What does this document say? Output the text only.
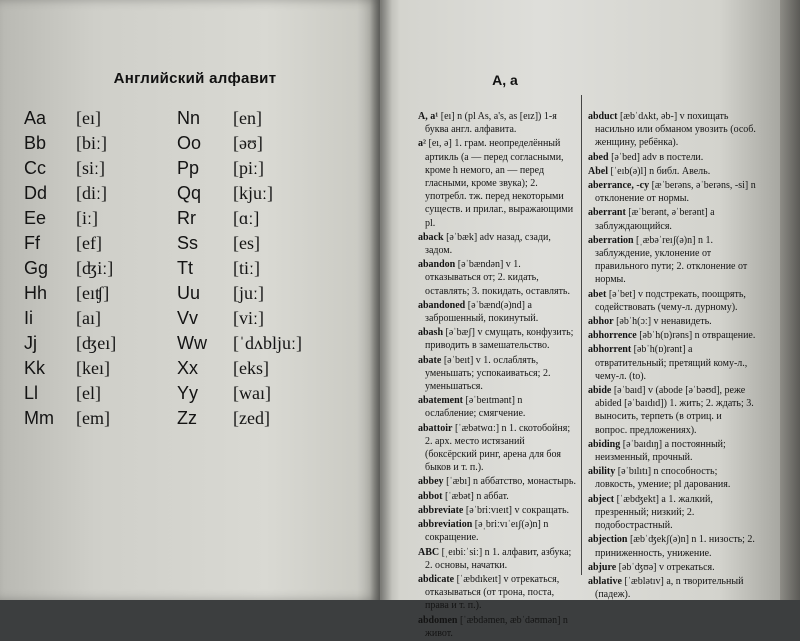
Английский алфавит
Aa	[eı]
Bb	[biː]
Cc	[siː]
Dd	[diː]
Ee	[iː]
Ff	[ef]
Gg	[ʤiː]
Hh	[eıʧ]
Ii	[aı]
Jj	[ʤeı]
Kk	[keı]
Ll	[el]
Mm	[em]
Nn	[en]
Oo	[əʊ]
Pp	[piː]
Qq	[kjuː]
Rr	[ɑː]
Ss	[es]
Tt	[tiː]
Uu	[juː]
Vv	[viː]
Ww	[ˈdʌbljuː]
Xx	[eks]
Yy	[waı]
Zz	[zed]
A, a
A, a¹ [eı] n (pl As, a's, as [eız]) 1-я буква англ. алфавита.
a² [eı, ə] 1. грам. неопределённый артикль (a — перед согласными, кроме h немого, an — перед гласными, кроме звука); 2. употребл. тж. перед некоторыми существ. и прилаг., выражающими pl.
aback [əˈbæk] adv назад, сзади, задом.
abandon [əˈbændən] v 1. отказываться от; 2. кидать, оставлять; 3. покидать, оставлять.
abandoned [əˈbænd(ə)nd] a заброшенный, покинутый.
abash [əˈbæʃ] v смущать, конфузить; приводить в замешательство.
abate [əˈbeıt] v 1. ослаблять, уменьшать; успокаиваться; 2. уменьшаться.
abatement [əˈbeıtmənt] n ослабление; смягчение.
abattoir [ˈæbətwɑː] n 1. скотобойня; 2. арх. место истязаний (боксёрский ринг, арена для боя быков и т. п.).
abbey [ˈæbı] n аббатство, монастырь.
abbot [ˈæbət] n аббат.
abbreviate [əˈbriːvıeıt] v сокращать.
abbreviation [əˌbriːvıˈeıʃ(ə)n] n сокращение.
ABC [ˌeıbiːˈsiː] n 1. алфавит, азбука; 2. основы, начатки.
abdicate [ˈæbdıkeıt] v отрекаться, отказываться (от трона, поста, права и т. п.).
abdomen [ˈæbdəmen, æbˈdəʊmən] n живот.
abduct [æbˈdʌkt, əb-] v похищать насильно или обманом увозить (особ. женщину, ребёнка).
abed [əˈbed] adv в постели.
Abel [ˈeıb(ə)l] n библ. Авель.
aberrance, -cy [æˈberəns, əˈberəns, -si] n отклонение от нормы.
aberrant [æˈberənt, əˈberənt] a заблуждающийся.
aberration [ˌæbəˈreıʃ(ə)n] n 1. заблуждение, уклонение от правильного пути; 2. отклонение от нормы.
abet [əˈbet] v подстрекать, поощрять, содействовать (чему-л. дурному).
abhor [əbˈh(ɔː] v ненавидеть.
abhorrence [əbˈh(ɒ)rəns] n отвращение.
abhorrent [əbˈh(ɒ)rənt] a отвратительный; претящий кому-л., чему-л. (to).
abide [əˈbaıd] v (abode [əˈbəʊd], реже abided [əˈbaıdıd]) 1. жить; 2. ждать; 3. выносить, терпеть (в отриц. и вопрос. предложениях).
abiding [əˈbaıdıŋ] a постоянный; неизменный, прочный.
ability [əˈbılıtı] n способность; ловкость, умение; pl дарования.
abject [ˈæbʤekt] a 1. жалкий, презренный; низкий; 2. подобострастный.
abjection [æbˈʤekʃ(ə)n] n 1. низость; 2. приниженность, унижение.
abjure [əbˈʤʊə] v отрекаться.
ablative [ˈæblətıv] a, n творительный (падеж).
